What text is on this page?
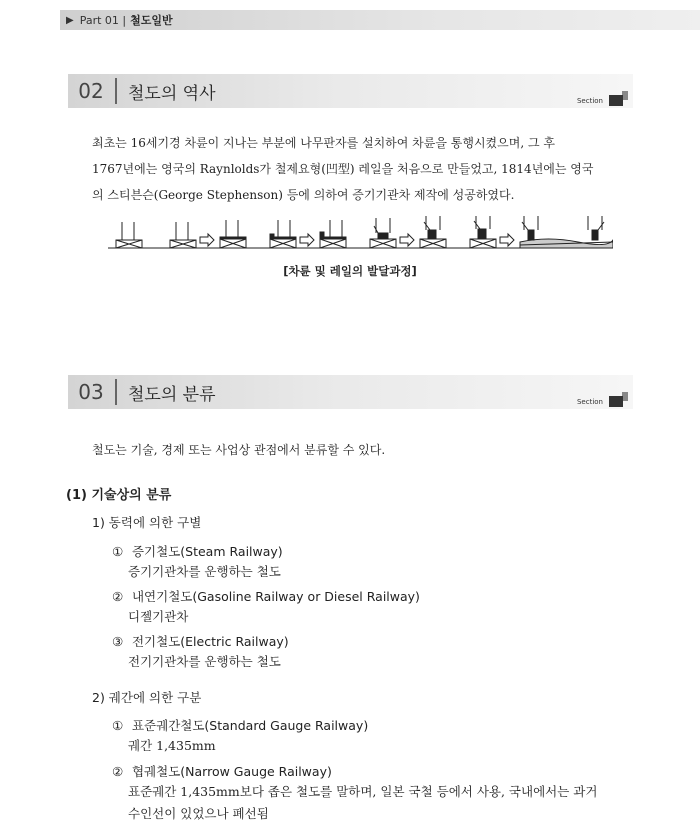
▶ Part 01 | 철도일반
02	철도의 역사	Section
최초는 16세기경 차륜이 지나는 부분에 나무판자를 설치하여 차륜을 통행시켰으며, 그 후
1767년에는 영국의 Raynlolds가 철제요형(凹型) 레일을 처음으로 만들었고, 1814년에는 영국
의 스티븐슨(George Stephenson) 등에 의하여 증기기관차 제작에 성공하였다.
[차륜 및 레일의 발달과정]
03	철도의 분류	Section
철도는 기술, 경제 또는 사업상 관점에서 분류할 수 있다.
(1) 기술상의 분류
1) 동력에 의한 구별
① 증기철도(Steam Railway)
증기기관차를 운행하는 철도
② 내연기철도(Gasoline Railway or Diesel Railway)
디젤기관차
③ 전기철도(Electric Railway)
전기기관차를 운행하는 철도
2) 궤간에 의한 구분
① 표준궤간철도(Standard Gauge Railway)
궤간 1,435mm
② 협궤철도(Narrow Gauge Railway)
표준궤간 1,435mm보다 좁은 철도를 말하며, 일본 국철 등에서 사용, 국내에서는 과거
수인선이 있었으나 폐선됨
